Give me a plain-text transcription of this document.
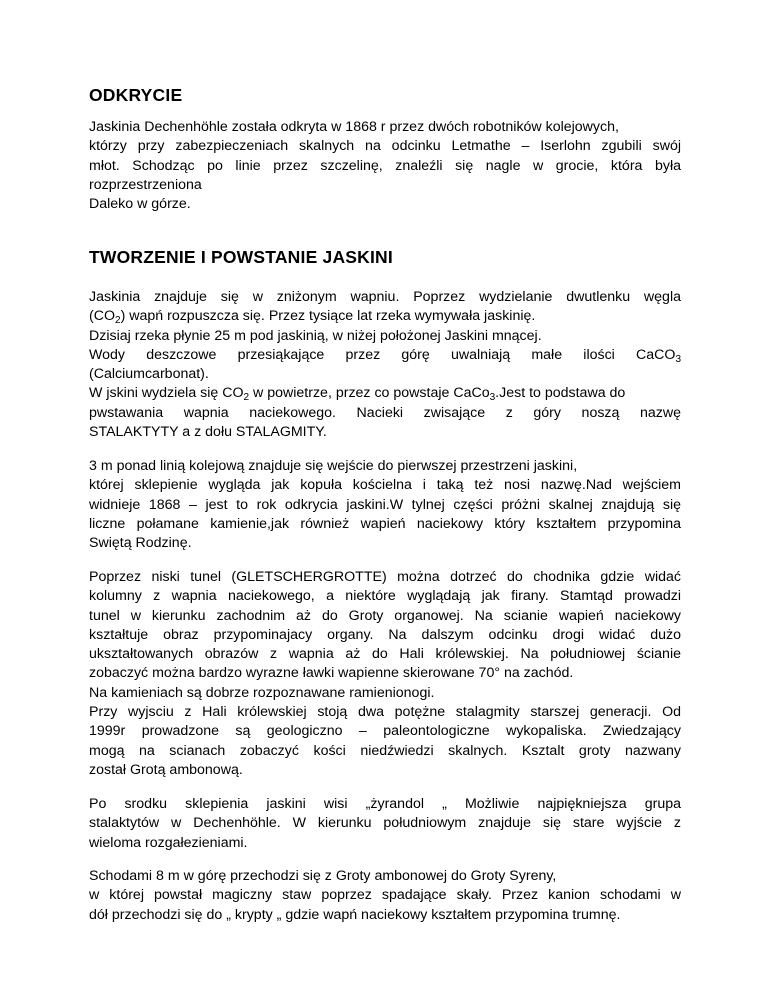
ODKRYCIE
Jaskinia Dechenhöhle została odkryta w 1868 r przez dwóch robotników kolejowych,
którzy przy zabezpieczeniach skalnych na odcinku Letmathe – Iserlohn zgubili swój
młot. Schodząc po linie przez szczelinę, znaleźli się nagle w grocie, która była
rozprzestrzeniona
Daleko w górze.
TWORZENIE I POWSTANIE JASKINI
Jaskinia znajduje się w zniżonym wapniu. Poprzez wydzielanie dwutlenku węgla
$(CO_2)$ wapń rozpuszcza się. Przez tysiące lat rzeka wymywała jaskinię.
Dzisiaj rzeka płynie 25 m pod jaskinią, w niżej położonej Jaskini mnącej.
Wody deszczowe przesiąkające przez górę uwalniają małe ilości CaCO$_3$
(Calciumcarbonat).
W jskini wydziela się $CO_2$ w powietrze, przez co powstaje CaCo$_3$.Jest to podstawa do
pwstawania wapnia naciekowego. Nacieki zwisające z góry noszą nazwę
STALAKTYTY a z dołu STALAGMITY.
3 m ponad linią kolejową znajduje się wejście do pierwszej przestrzeni jaskini,
której sklepienie wygląda jak kopuła kościelna i taką też nosi nazwę.Nad wejściem
widnieje 1868 – jest to rok odkrycia jaskini.W tylnej części próżni skalnej znajdują się
liczne połamane kamienie,jak również wapień naciekowy który kształtem przypomina
Swiętą Rodzinę.
Poprzez niski tunel (GLETSCHERGROTTE) można dotrzeć do chodnika gdzie widać
kolumny z wapnia naciekowego, a niektóre wyglądają jak firany. Stamtąd prowadzi
tunel w kierunku zachodnim aż do Groty organowej. Na scianie wapień naciekowy
kształtuje obraz przypominajacy organy. Na dalszym odcinku drogi widać dużo
ukształtowanych obrazów z wapnia aż do Hali królewskiej. Na południowej ścianie
zobaczyć można bardzo wyrazne ławki wapienne skierowane 70° na zachód.
Na kamieniach są dobrze rozpoznawane ramienionogi.
Przy wyjsciu z Hali królewskiej stoją dwa potężne stalagmity starszej generacji. Od
1999r prowadzone są geologiczno – paleontologiczne wykopaliska. Zwiedzający
mogą na scianach zobaczyć kości niedźwiedzi skalnych. Ksztalt groty nazwany
został Grotą ambonową.
Po srodku sklepienia jaskini wisi „żyrandol „ Możliwie najpiękniejsza grupa
stalaktytów w Dechenhöhle. W kierunku południowym znajduje się stare wyjście z
wieloma rozgałezieniami.
Schodami 8 m w górę przechodzi się z Groty ambonowej do Groty Syreny,
w której powstał magiczny staw poprzez spadające skały. Przez kanion schodami w
dół przechodzi się do „ krypty „ gdzie wapń naciekowy kształtem przypomina trumnę.
